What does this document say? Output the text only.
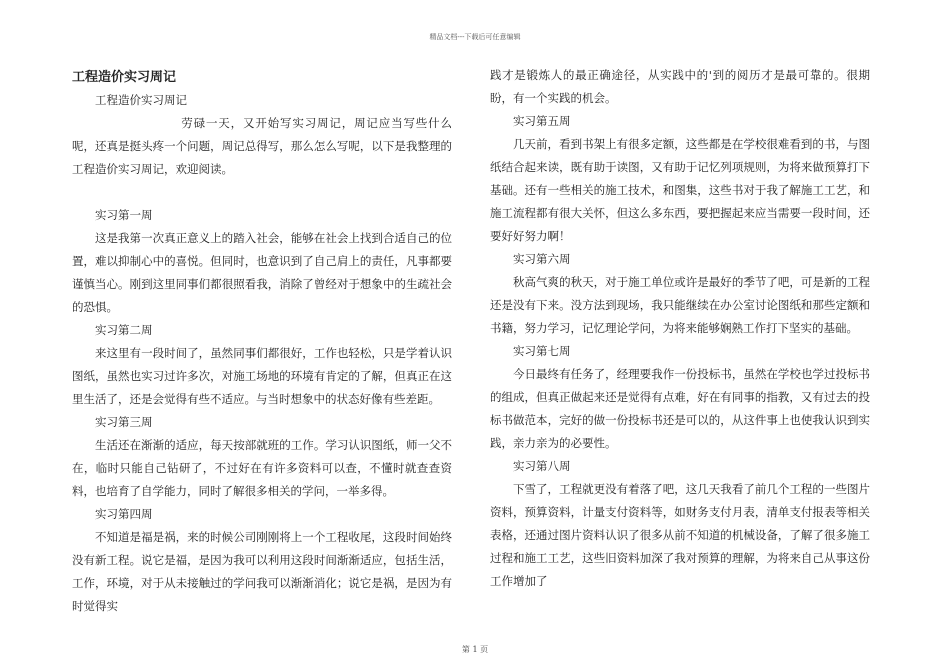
精品文档---下载后可任意编辑

工程造价实习周记

工程造价实习周记

劳碌一天，又开始写实习周记，周记应当写些什么呢，还真是挺头疼一个问题，周记总得写，那么怎么写呢，以下是我整理的工程造价实习周记，欢迎阅读。

实习第一周

这是我第一次真正意义上的踏入社会，能够在社会上找到合适自己的位置，难以抑制心中的喜悦。但同时，也意识到了自己肩上的责任，凡事都要谨慎当心。刚到这里同事们都很照看我，消除了曾经对于想象中的生疏社会的恐惧。

实习第二周

来这里有一段时间了，虽然同事们都很好，工作也轻松，只是学着认识图纸，虽然也实习过许多次，对施工场地的环境有肯定的了解，但真正在这里生活了，还是会觉得有些不适应。与当时想象中的状态好像有些差距。

实习第三周

生活还在渐渐的适应，每天按部就班的工作。学习认识图纸，师一父不在，临时只能自己钻研了，不过好在有许多资料可以查，不懂时就查查资料，也培育了自学能力，同时了解很多相关的学问，一举多得。

实习第四周

不知道是福是祸，来的时候公司刚刚将上一个工程收尾，这段时间始终没有新工程。说它是福，是因为我可以利用这段时间渐渐适应，包括生活，工作，环境，对于从未接触过的学问我可以渐渐消化；说它是祸，是因为有时觉得实

践才是锻炼人的最正确途径，从实践中的'到的阅历才是最可靠的。很期盼，有一个实践的机会。

实习第五周

几天前，看到书架上有很多定额，这些都是在学校很难看到的书，与图纸结合起来读，既有助于读图，又有助于记忆列项规则，为将来做预算打下基础。还有一些相关的施工技术，和图集，这些书对于我了解施工工艺，和施工流程都有很大关怀，但这么多东西，要把握起来应当需要一段时间，还要好好努力啊！

实习第六周

秋高气爽的秋天，对于施工单位或许是最好的季节了吧，可是新的工程还是没有下来。没方法到现场，我只能继续在办公室讨论图纸和那些定额和书籍，努力学习，记忆理论学问，为将来能够娴熟工作打下坚实的基础。

实习第七周

今日最终有任务了，经理要我作一份投标书，虽然在学校也学过投标书的组成，但真正做起来还是觉得有点难，好在有同事的指教，又有过去的投标书做范本，完好的做一份投标书还是可以的，从这件事上也使我认识到实践，亲力亲为的必要性。

实习第八周

下雪了，工程就更没有着落了吧，这几天我看了前几个工程的一些图片资料，预算资料，计量支付资料等，如财务支付月表，清单支付报表等相关表格，还通过图片资料认识了很多从前不知道的机械设备，了解了很多施工过程和施工工艺，这些旧资料加深了我对预算的理解，为将来自己从事这份工作增加了

第 1 页
